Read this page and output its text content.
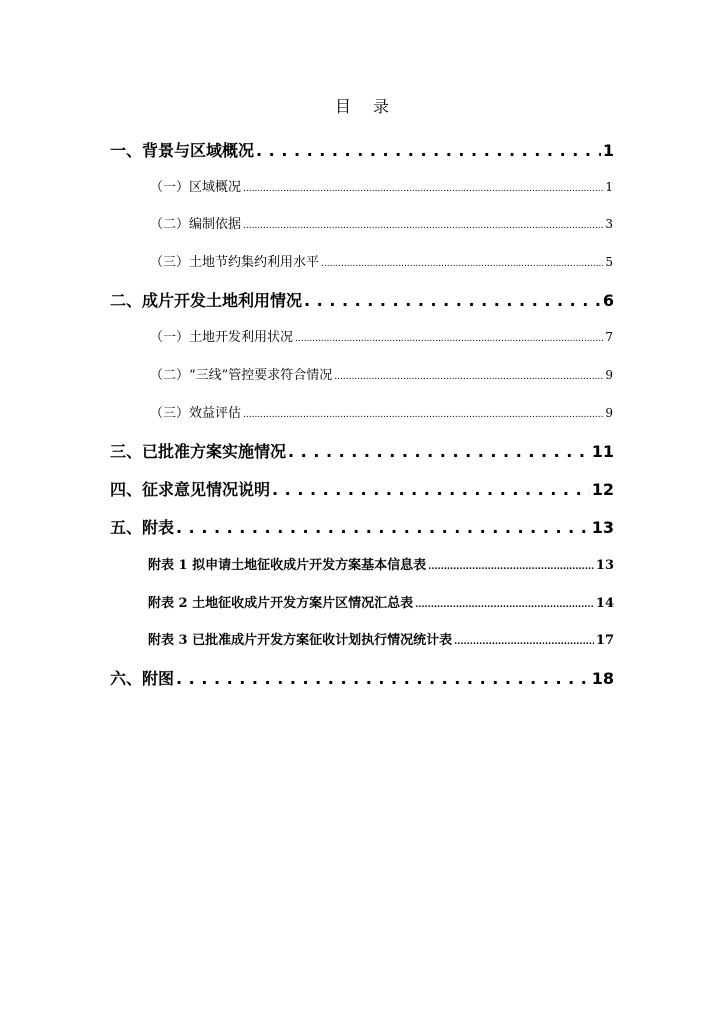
目 录
一、背景与区域概况 . . .	1
（一）区域概况 .....	1
（二）编制依据 .....	3
（三）土地节约集约利用水平 .....	5
二、成片开发土地利用情况 . . .	6
（一）土地开发利用状况 .....	7
（二）“三线”管控要求符合情况 .....	9
（三）效益评估 .....	9
三、已批准方案实施情况 . . .	11
四、征求意见情况说明 . . .	12
五、附表 . . .	13
附表 1 拟申请土地征收成片开发方案基本信息表 .....	13
附表 2 土地征收成片开发方案片区情况汇总表 .....	14
附表 3 已批准成片开发方案征收计划执行情况统计表 .....	17
六、附图 . . .	18
